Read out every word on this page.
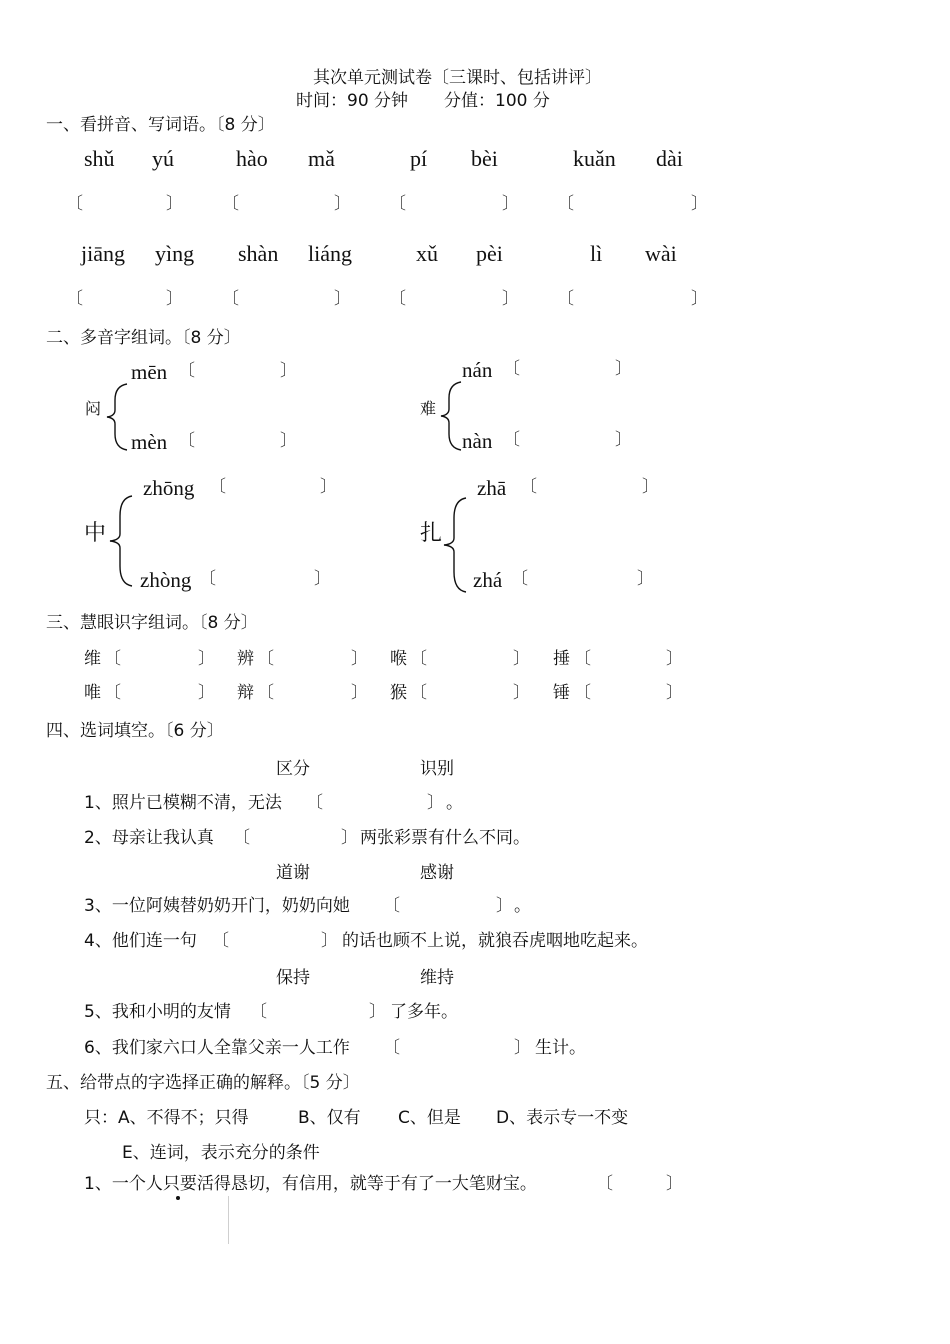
其次单元测试卷〔三课时、包括讲评〕
时间：90 分钟 分值：100 分
一、看拼音、写词语。〔8 分〕
shǔ yú	hào mǎ	pí bèi	kuǎn dài
〔	〕 〔	〕 〔	〕 〔	〕
jiāng yìng shàn liáng	xǔ pèi	lì wài
〔	〕 〔	〕 〔	〕 〔	〕
二、多音字组词。〔8 分〕
闷
mēn 〔	〕
mèn 〔	〕
难
nán 〔	〕
nàn 〔	〕
中
zhōng 〔	〕
zhòng 〔	〕
扎
zhā 〔	〕
zhá 〔	〕
三、慧眼识字组词。〔8 分〕
维 〔	〕 辨 〔	〕 喉 〔	〕 捶 〔	〕
唯 〔	〕 辩 〔	〕 猴 〔	〕 锤 〔	〕
四、选词填空。〔6 分〕
区分	识别
1、照片已模糊不清，无法 〔	〕 。
2、母亲让我认真 〔	〕 两张彩票有什么不同。
道谢	感谢
3、一位阿姨替奶奶开门，奶奶向她 〔	〕 。
4、他们连一句 〔	〕 的话也顾不上说，就狼吞虎咽地吃起来。
保持	维持
5、我和小明的友情 〔	〕 了多年。
6、我们家六口人全靠父亲一人工作 〔	〕 生计。
五、给带点的字选择正确的解释。〔5 分〕
只：A、不得不；只得	B、仅有 C、但是 D、表示专一不变
E、连词，表示充分的条件
1、一个人只要活得恳切，有信用，就等于有了一大笔财宝。	〔	〕
